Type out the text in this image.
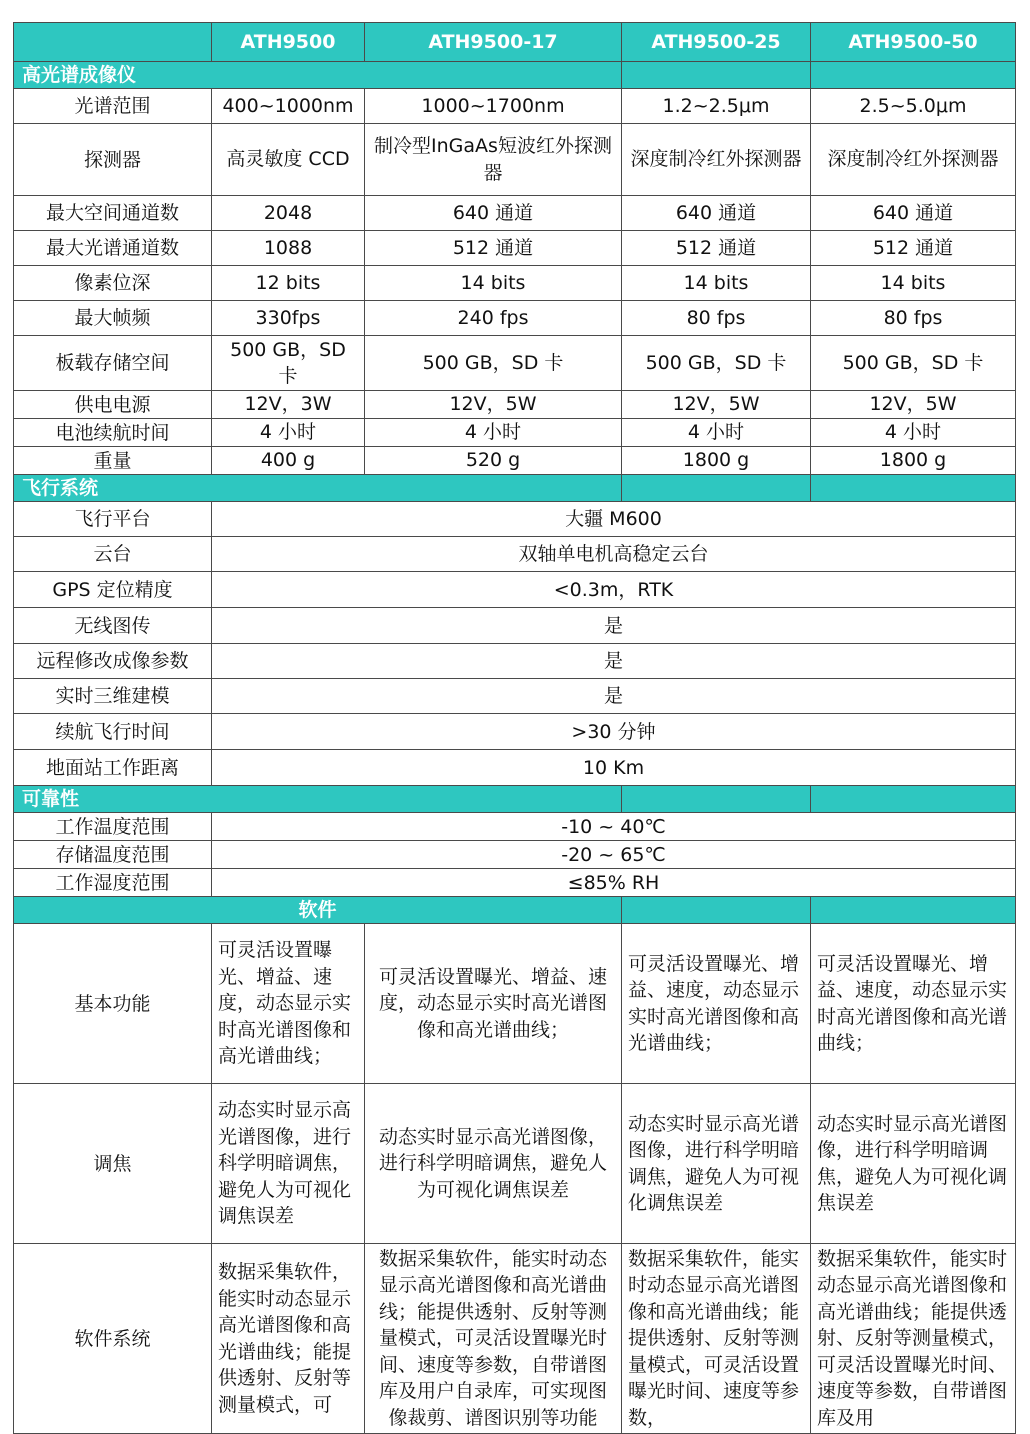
	ATH9500	ATH9500-17	ATH9500-25	ATH9500-50
高光谱成像仪				
光谱范围	400~1000nm	1000~1700nm	1.2~2.5μm	2.5~5.0μm
探测器	高灵敏度 CCD	制冷型InGaAs短波红外探测器	深度制冷红外探测器	深度制冷红外探测器
最大空间通道数	2048	640 通道	640 通道	640 通道
最大光谱通道数	1088	512 通道	512 通道	512 通道
像素位深	12 bits	14 bits	14 bits	14 bits
最大帧频	330fps	240 fps	80 fps	80 fps
板载存储空间	500 GB，SD 卡	500 GB，SD 卡	500 GB，SD 卡	500 GB，SD 卡
供电电源	12V，3W	12V，5W	12V，5W	12V，5W
电池续航时间	4 小时	4 小时	4 小时	4 小时
重量	400 g	520 g	1800 g	1800 g
飞行系统				
飞行平台	大疆 M600			
云台	双轴单电机高稳定云台			
GPS 定位精度	<0.3m，RTK			
无线图传	是			
远程修改成像参数	是			
实时三维建模	是			
续航飞行时间	>30 分钟			
地面站工作距离	10 Km			
可靠性				
工作温度范围	-10 ~ 40℃			
存储温度范围	-20 ~ 65℃			
工作湿度范围	≤85% RH			
软件				
基本功能	可灵活设置曝光、增益、速度，动态显示实时高光谱图像和高光谱曲线；	可灵活设置曝光、增益、速度，动态显示实时高光谱图像和高光谱曲线；	可灵活设置曝光、增益、速度，动态显示实时高光谱图像和高光谱曲线；	可灵活设置曝光、增益、速度，动态显示实时高光谱图像和高光谱曲线；
调焦	动态实时显示高光谱图像，进行科学明暗调焦，避免人为可视化调焦误差	动态实时显示高光谱图像，进行科学明暗调焦，避免人为可视化调焦误差	动态实时显示高光谱图像，进行科学明暗调焦，避免人为可视化调焦误差	动态实时显示高光谱图像，进行科学明暗调焦，避免人为可视化调焦误差
软件系统	数据采集软件，能实时动态显示高光谱图像和高光谱曲线；能提供透射、反射等测量模式，可	数据采集软件，能实时动态显示高光谱图像和高光谱曲线；能提供透射、反射等测量模式，可灵活设置曝光时间、速度等参数，自带谱图库及用户自录库，可实现图像裁剪、谱图识别等功能	数据采集软件，能实时动态显示高光谱图像和高光谱曲线；能提供透射、反射等测量模式，可灵活设置曝光时间、速度等参数，	数据采集软件，能实时动态显示高光谱图像和高光谱曲线；能提供透射、反射等测量模式，可灵活设置曝光时间、速度等参数，自带谱图库及用
